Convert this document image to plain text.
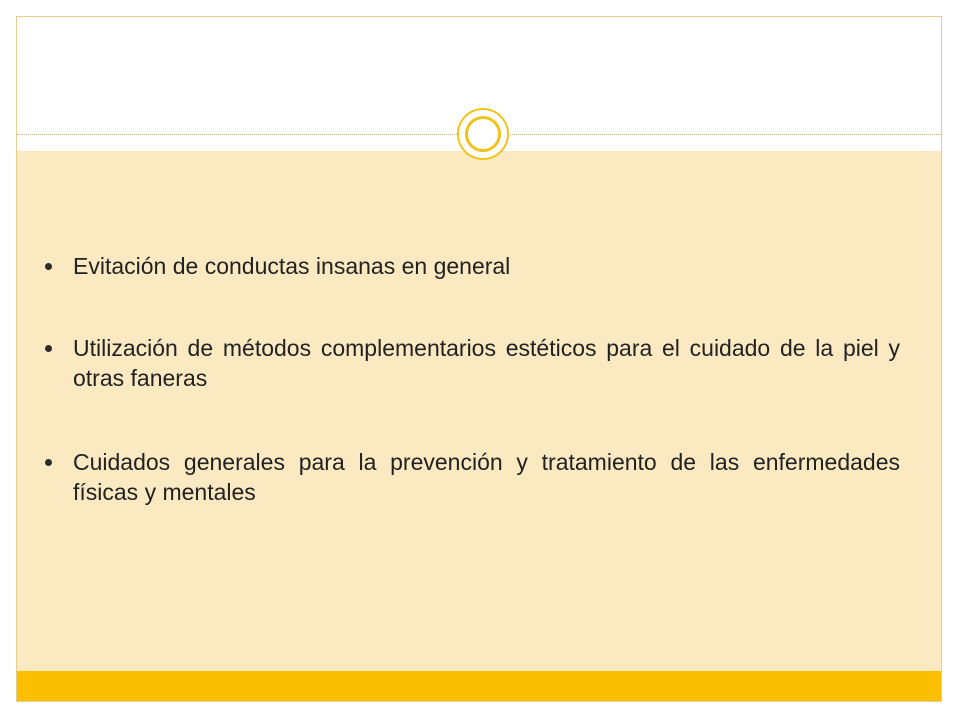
Evitación de conductas insanas en general
Utilización de métodos complementarios estéticos para el cuidado de la piel y otras faneras
Cuidados generales para la prevención y tratamiento de las enfermedades físicas y mentales
